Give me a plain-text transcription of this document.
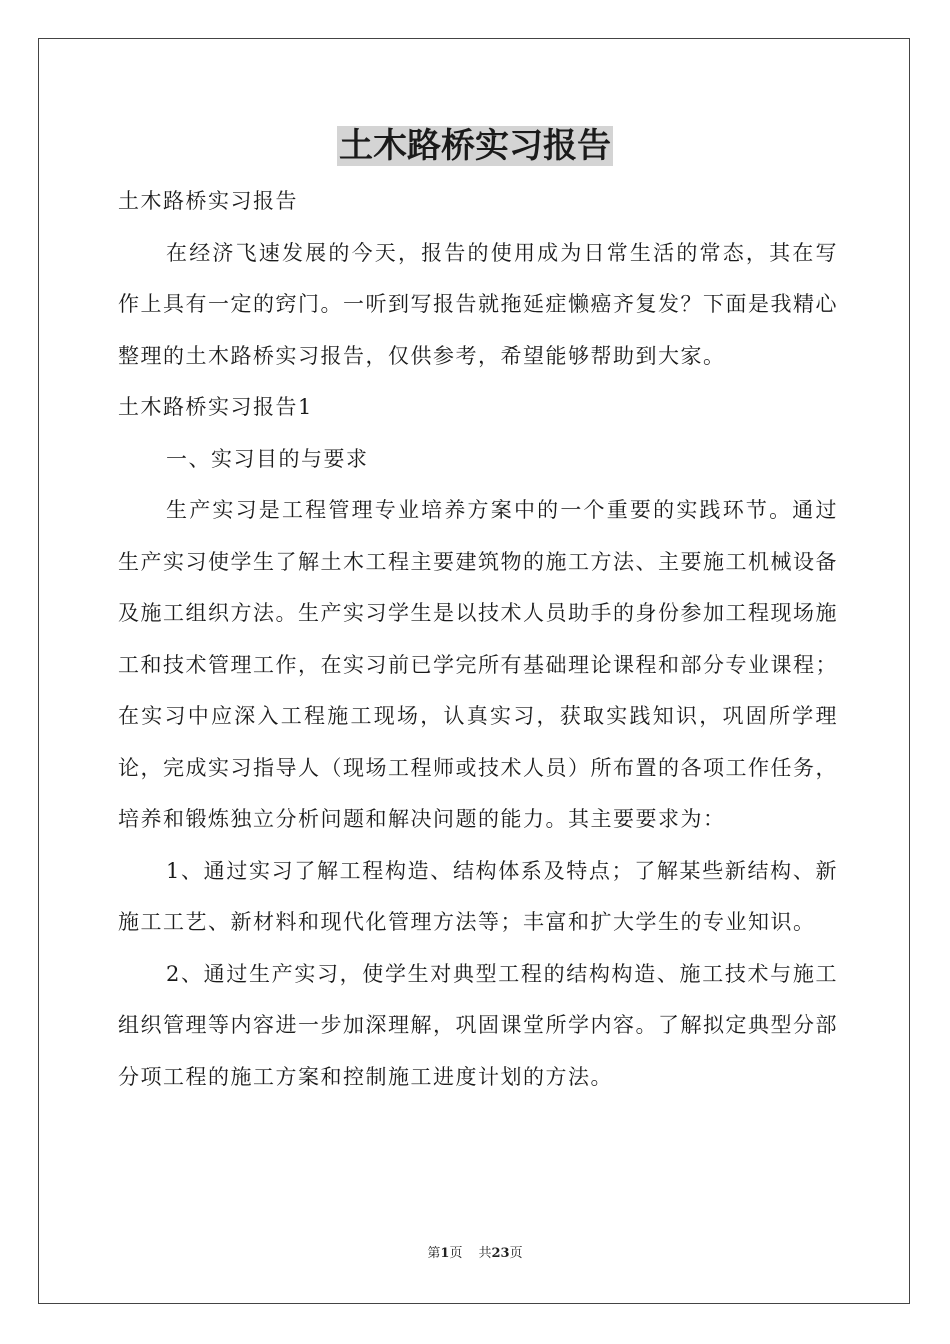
土木路桥实习报告

土木路桥实习报告

在经济飞速发展的今天，报告的使用成为日常生活的常态，其在写作上具有一定的窍门。一听到写报告就拖延症懒癌齐复发？下面是我精心整理的土木路桥实习报告，仅供参考，希望能够帮助到大家。

土木路桥实习报告1

一、实习目的与要求

生产实习是工程管理专业培养方案中的一个重要的实践环节。通过生产实习使学生了解土木工程主要建筑物的施工方法、主要施工机械设备及施工组织方法。生产实习学生是以技术人员助手的身份参加工程现场施工和技术管理工作，在实习前已学完所有基础理论课程和部分专业课程；在实习中应深入工程施工现场，认真实习，获取实践知识，巩固所学理论，完成实习指导人（现场工程师或技术人员）所布置的各项工作任务，培养和锻炼独立分析问题和解决问题的能力。其主要要求为：

1、通过实习了解工程构造、结构体系及特点；了解某些新结构、新施工工艺、新材料和现代化管理方法等；丰富和扩大学生的专业知识。

2、通过生产实习，使学生对典型工程的结构构造、施工技术与施工组织管理等内容进一步加深理解，巩固课堂所学内容。了解拟定典型分部分项工程的施工方案和控制施工进度计划的方法。

第1页 共23页
